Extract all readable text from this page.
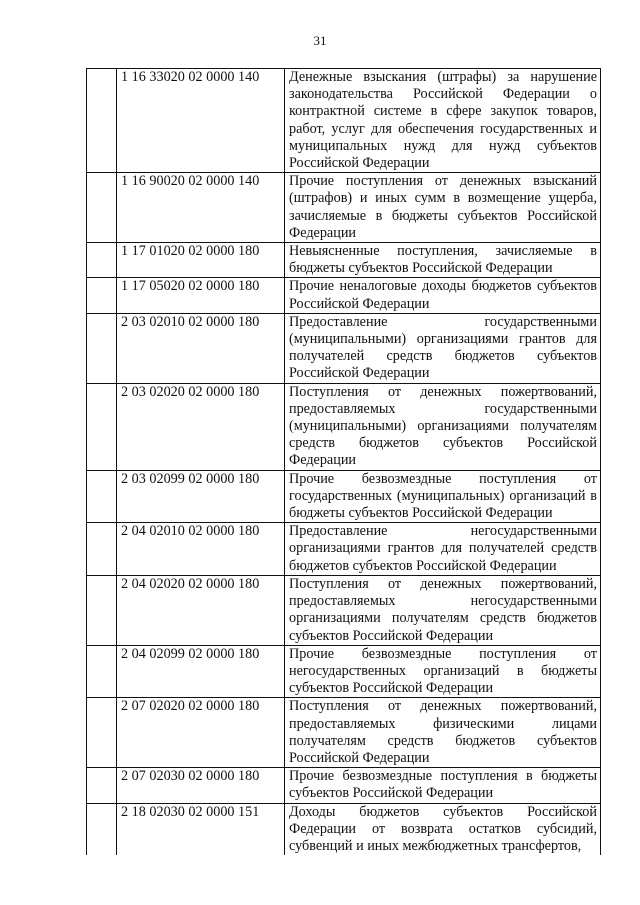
31
	1 16 33020 02 0000 140	Денежные взыскания (штрафы) за нарушение законодательства Российской Федерации о контрактной системе в сфере закупок товаров, работ, услуг для обеспечения государственных и муниципальных нужд для нужд субъектов Российской Федерации
	1 16 90020 02 0000 140	Прочие поступления от денежных взысканий (штрафов) и иных сумм в возмещение ущерба, зачисляемые в бюджеты субъектов Российской Федерации
	1 17 01020 02 0000 180	Невыясненные поступления, зачисляемые в бюджеты субъектов Российской Федерации
	1 17 05020 02 0000 180	Прочие неналоговые доходы бюджетов субъектов Российской Федерации
	2 03 02010 02 0000 180	Предоставление государственными (муниципальными) организациями грантов для получателей средств бюджетов субъектов Российской Федерации
	2 03 02020 02 0000 180	Поступления от денежных пожертвований, предоставляемых государственными (муниципальными) организациями получателям средств бюджетов субъектов Российской Федерации
	2 03 02099 02 0000 180	Прочие безвозмездные поступления от государственных (муниципальных) организаций в бюджеты субъектов Российской Федерации
	2 04 02010 02 0000 180	Предоставление негосударственными организациями грантов для получателей средств бюджетов субъектов Российской Федерации
	2 04 02020 02 0000 180	Поступления от денежных пожертвований, предоставляемых негосударственными организациями получателям средств бюджетов субъектов Российской Федерации
	2 04 02099 02 0000 180	Прочие безвозмездные поступления от негосударственных организаций в бюджеты субъектов Российской Федерации
	2 07 02020 02 0000 180	Поступления от денежных пожертвований, предоставляемых физическими лицами получателям средств бюджетов субъектов Российской Федерации
	2 07 02030 02 0000 180	Прочие безвозмездные поступления в бюджеты субъектов Российской Федерации
	2 18 02030 02 0000 151	Доходы бюджетов субъектов Российской Федерации от возврата остатков субсидий, субвенций и иных межбюджетных трансфертов,
